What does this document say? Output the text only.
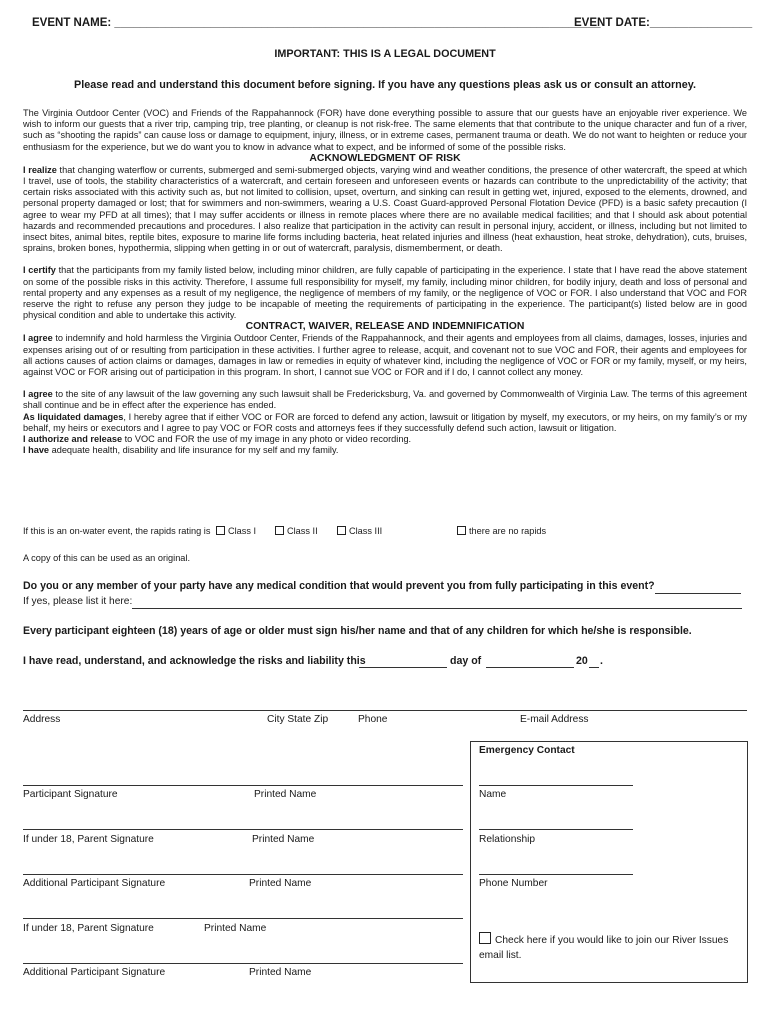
EVENT NAME: ____________________________________________________________________________
EVENT DATE:________________
IMPORTANT: THIS IS A LEGAL DOCUMENT
Please read and understand this document before signing. If you have any questions pleas ask us or consult an attorney.

The Virginia Outdoor Center (VOC) and Friends of the Rappahannock (FOR) have done everything possible to assure that our guests have an enjoyable river experience. We wish to inform our guests that a river trip, camping trip, tree planting, or cleanup is not risk-free. The same elements that that contribute to the unique character and fun of a river, such as “shooting the rapids” can cause loss or damage to equipment, injury, illness, or in extreme cases, permanent trauma or death. We do not want to heighten or reduce your enthusiasm for the experience, but we do want you to know in advance what to expect, and be informed of some of the possible risks.

ACKNOWLEDGMENT OF RISK

I realize that changing waterflow or currents, submerged and semi-submerged objects, varying wind and weather conditions, the presence of other watercraft, the speed at which I travel, use of tools, the stability characteristics of a watercraft, and certain foreseen and unforeseen events or hazards can contribute to the unpredictability of the activity; that certain risks associated with this activity such as, but not limited to collision, upset, overturn, and sinking can result in getting wet, injured, exposed to the elements, drowned, and personal property damaged or lost; that for swimmers and non-swimmers, wearing a U.S. Coast Guard-approved Personal Flotation Device (PFD) is a basic safety precaution (I agree to wear my PFD at all times); that I may suffer accidents or illness in remote places where there are no available medical facilities; and that I should ask about potential hazards and recommended precautions and procedures. I also realize that participation in the activity can result in personal injury, accident, or illness, including but not limited to insect bites, animal bites, reptile bites, exposure to marine life forms including bacteria, heat related injuries and illness (heat exhaustion, heat stroke, dehydration), cuts, bruises, sprains, broken bones, hypothermia, slipping when getting in or out of watercraft, paralysis, dismemberment, or death.

I certify that the participants from my family listed below, including minor children, are fully capable of participating in the experience. I state that I have read the above statement on some of the possible risks in this activity. Therefore, I assume full responsibility for myself, my family, including minor children, for bodily injury, death and loss of personal and rental property and any expenses as a result of my negligence, the negligence of members of my family, or the negligence of VOC or FOR. I also understand that VOC and FOR reserve the right to refuse any person they judge to be incapable of meeting the requirements of participating in the experience. The participant(s) listed below are in good physical condition and able to undertake this activity.

CONTRACT, WAIVER, RELEASE AND INDEMNIFICATION

I agree to indemnify and hold harmless the Virginia Outdoor Center, Friends of the Rappahannock, and their agents and employees from all claims, damages, losses, injuries and expenses arising out of or resulting from participation in these activities. I further agree to release, acquit, and covenant not to sue VOC and FOR, their agents and employees for all actions causes of action claims or damages, damages in law or remedies in equity of whatever kind, including the negligence of VOC or FOR or my family, myself, or my heirs, against VOC or FOR arising out of participation in this program. In short, I cannot sue VOC or FOR and if I do, I cannot collect any money.

I agree to the site of any lawsuit of the law governing any such lawsuit shall be Fredericksburg, Va. and governed by Commonwealth of Virginia Law. The terms of this agreement shall continue and be in effect after the experience has ended.

As liquidated damages, I hereby agree that if either VOC or FOR are forced to defend any action, lawsuit or litigation by myself, my executors, or my heirs, on my family’s or my behalf, my heirs or executors and I agree to pay VOC or FOR costs and attorneys fees if they successfully defend such action, lawsuit or litigation.

I authorize and release to VOC and FOR the use of my image in any photo or video recording.

I have adequate health, disability and life insurance for my self and my family.

If this is an on-water event, the rapids rating is	Class I	Class II	Class III	there are no rapids
A copy of this can be used as an original.
Do you or any member of your party have any medical condition that would prevent you from fully participating in this event?
If yes, please list it here:
Every participant eighteen (18) years of age or older must sign his/her name and that of any children for which he/she is responsible.
I have read, understand, and acknowledge the risks and liability this	day of	20 .
Address	City State Zip	Phone	E-mail Address
Participant Signature	Printed Name
If under 18, Parent Signature	Printed Name
Additional Participant Signature	Printed Name
If under 18, Parent Signature	Printed Name
Additional Participant Signature	Printed Name
Emergency Contact
Name
Relationship
Phone Number
Check here if you would like to join our River Issues
email list.
